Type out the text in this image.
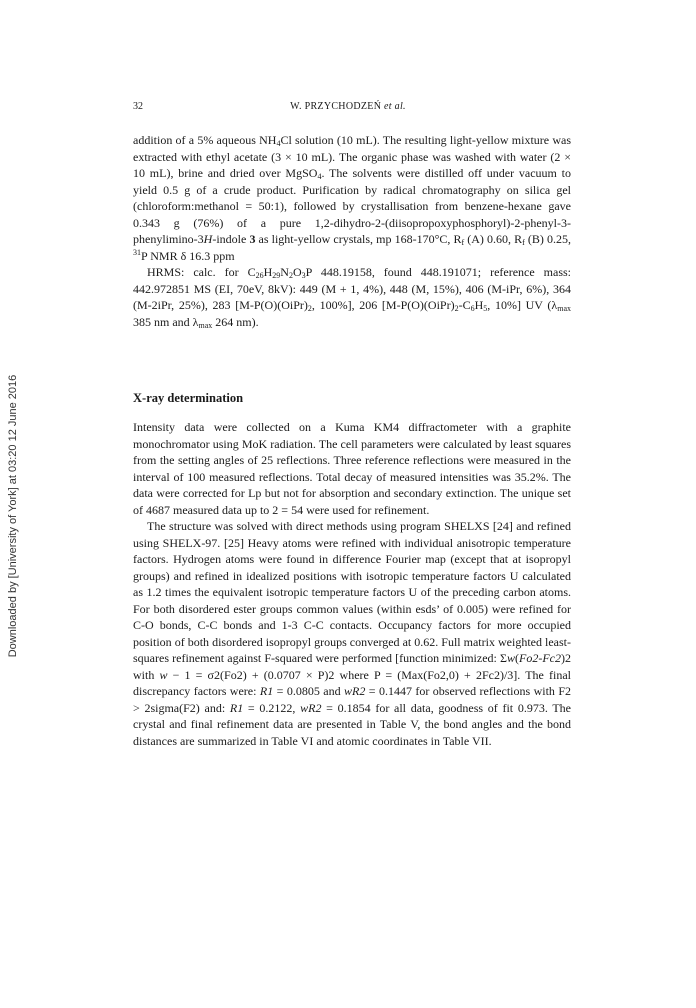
32	W. PRZYCHODZEŃ et al.
Downloaded by [University of York] at 03:20 12 June 2016

addition of a 5% aqueous $NH_4Cl$ solution (10 mL). The resulting light-yellow mixture was extracted with ethyl acetate (3 × 10 mL). The organic phase was washed with water (2 × 10 mL), brine and dried over MgSO$_4$. The solvents were distilled off under vacuum to yield 0.5 g of a crude product. Purification by radical chromatography on silica gel (chloroform:methanol = 50:1), followed by crystallisation from benzene-hexane gave 0.343 g (76%) of a pure 1,2-dihydro-2-(diisopropoxyphosphoryl)-2-phenyl-3-phenylimino-3H-indole 3 as light-yellow crystals, mp 168-170°C, $R_f$ (A) 0.60, $R_f$ (B) 0.25, $^{31}$P NMR δ 16.3 ppm

HRMS: calc. for $C_{26}H_{29}N_2O_3P$ 448.19158, found 448.191071; reference mass: 442.972851 MS (EI, 70eV, 8kV): 449 (M + 1, 4%), 448 (M, 15%), 406 (M-iPr, 6%), 364 (M-2iPr, 25%), 283 [$M-P(O)(OiPr)_2$, 100%], 206 [$M-P(O)(OiPr)_2-C_6H_5$, 10%] UV ($\lambda_{max}$ 385 nm and $\lambda_{max}$ 264 nm).

X-ray determination

Intensity data were collected on a Kuma KM4 diffractometer with a graphite monochromator using MoK radiation. The cell parameters were calculated by least squares from the setting angles of 25 reflections. Three reference reflections were measured in the interval of 100 measured reflections. Total decay of measured intensities was 35.2%. The data were corrected for Lp but not for absorption and secondary extinction. The unique set of 4687 measured data up to 2 = 54 were used for refinement.

The structure was solved with direct methods using program SHELXS [24] and refined using SHELX-97. [25] Heavy atoms were refined with individual anisotropic temperature factors. Hydrogen atoms were found in difference Fourier map (except that at isopropyl groups) and refined in idealized positions with isotropic temperature factors U calculated as 1.2 times the equivalent isotropic temperature factors U of the preceding carbon atoms. For both disordered ester groups common values (within esds’ of 0.005) were refined for C-O bonds, C-C bonds and 1-3 C-C contacts. Occupancy factors for more occupied position of both disordered isopropyl groups converged at 0.62. Full matrix weighted least-squares refinement against F-squared were performed [function minimized: Σw(Fo2-Fc2)2 with w − 1 = σ2(Fo2) + (0.0707 × P)2 where P = (Max(Fo2,0) + 2Fc2)/3]. The final discrepancy factors were: R1 = 0.0805 and wR2 = 0.1447 for observed reflections with F2 > 2sigma(F2) and: R1 = 0.2122, wR2 = 0.1854 for all data, goodness of fit 0.973. The crystal and final refinement data are presented in Table V, the bond angles and the bond distances are summarized in Table VI and atomic coordinates in Table VII.
